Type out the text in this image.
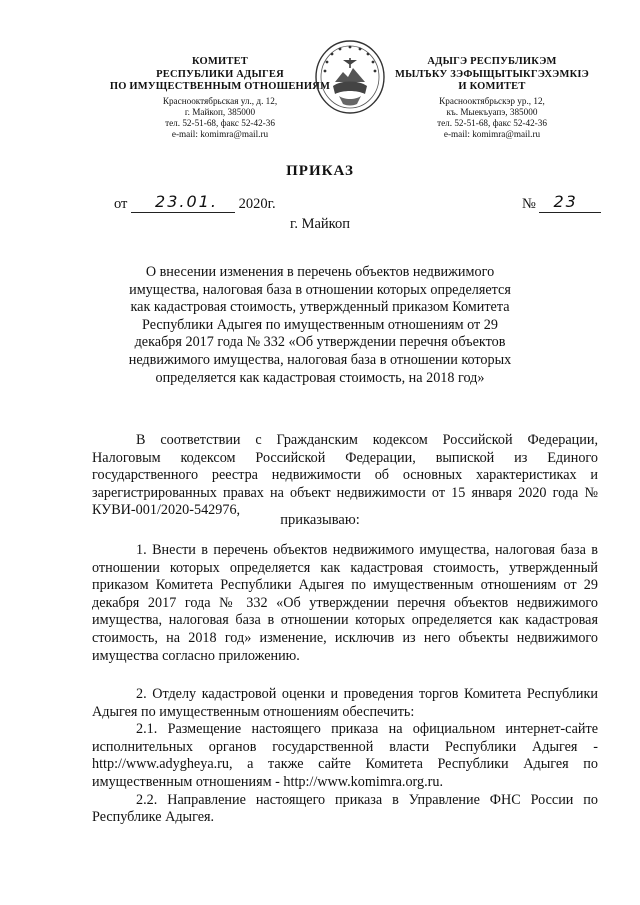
КОМИТЕТ
РЕСПУБЛИКИ АДЫГЕЯ
ПО ИМУЩЕСТВЕННЫМ ОТНОШЕНИЯМ
Краснооктябрьская ул., д. 12,
г. Майкоп, 385000
тел. 52-51-68, факс 52-42-36
e-mail: komimra@mail.ru
АДЫГЭ РЕСПУБЛИКЭМ
МЫЛЪКУ ЗЭФЫЩЫТЫКГЭХЭМКIЭ
И КОМИТЕТ
Краснооктябрьскэр ур., 12,
къ. Мыекъуапэ, 385000
тел. 52-51-68, факс 52-42-36
e-mail: komimra@mail.ru
ПРИКАЗ
от 23.01. 2020г.	№ 23
г. Майкоп
О внесении изменения в перечень объектов недвижимого имущества, налоговая база в отношении которых определяется как кадастровая стоимость, утвержденный приказом Комитета Республики Адыгея по имущественным отношениям от 29 декабря 2017 года № 332 «Об утверждении перечня объектов недвижимого имущества, налоговая база в отношении которых определяется как кадастровая стоимость, на 2018 год»

В соответствии с Гражданским кодексом Российской Федерации, Налоговым кодексом Российской Федерации, выпиской из Единого государственного реестра недвижимости об основных характеристиках и зарегистрированных правах на объект недвижимости от 15 января 2020 года № КУВИ-001/2020-542976,

приказываю:

1. Внести в перечень объектов недвижимого имущества, налоговая база в отношении которых определяется как кадастровая стоимость, утвержденный приказом Комитета Республики Адыгея по имущественным отношениям от 29 декабря 2017 года № 332 «Об утверждении перечня объектов недвижимого имущества, налоговая база в отношении которых определяется как кадастровая стоимость, на 2018 год» изменение, исключив из него объекты недвижимого имущества согласно приложению.

2. Отделу кадастровой оценки и проведения торгов Комитета Республики Адыгея по имущественным отношениям обеспечить:

2.1. Размещение настоящего приказа на официальном интернет-сайте исполнительных органов государственной власти Республики Адыгея - http://www.adygheya.ru, а также сайте Комитета Республики Адыгея по имущественным отношениям - http://www.komimra.org.ru.

2.2. Направление настоящего приказа в Управление ФНС России по Республике Адыгея.
